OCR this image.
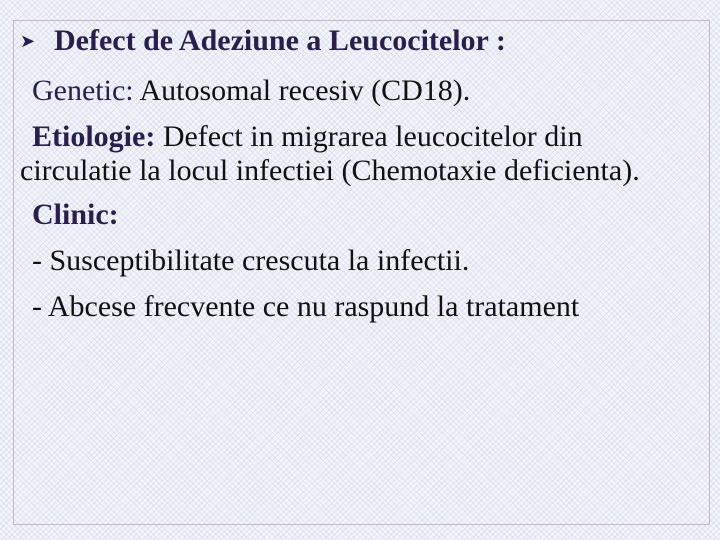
➤ Defect de Adeziune a Leucocitelor :

Genetic: Autosomal recesiv (CD18).

Etiologie: Defect in migrarea leucocitelor din circulatie la locul infectiei (Chemotaxie deficienta).

Clinic:

- Susceptibilitate crescuta la infectii.

- Abcese frecvente ce nu raspund la tratament
